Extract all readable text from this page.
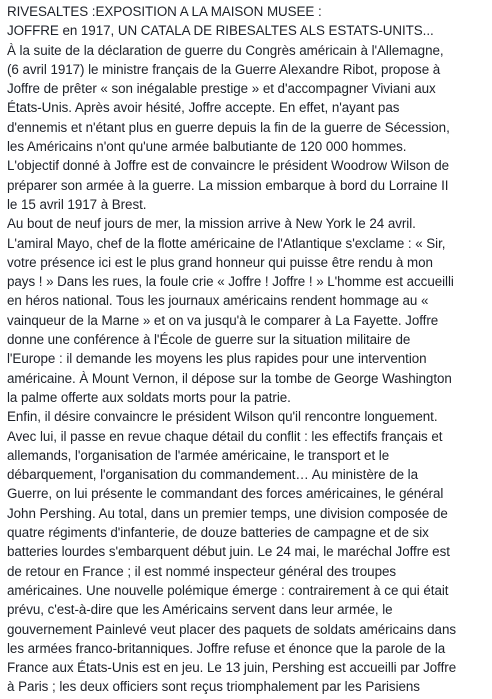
RIVESALTES :EXPOSITION A LA MAISON MUSEE :
JOFFRE en 1917, UN CATALA DE RIBESALTES ALS ESTATS-UNITS...
À la suite de la déclaration de guerre du Congrès américain à l'Allemagne,
(6 avril 1917) le ministre français de la Guerre Alexandre Ribot, propose à
Joffre de prêter « son inégalable prestige » et d'accompagner Viviani aux
États-Unis. Après avoir hésité, Joffre accepte. En effet, n'ayant pas
d'ennemis et n'étant plus en guerre depuis la fin de la guerre de Sécession,
les Américains n'ont qu'une armée balbutiante de 120 000 hommes.
L'objectif donné à Joffre est de convaincre le président Woodrow Wilson de
préparer son armée à la guerre. La mission embarque à bord du Lorraine II
le 15 avril 1917 à Brest.
Au bout de neuf jours de mer, la mission arrive à New York le 24 avril.
L'amiral Mayo, chef de la flotte américaine de l'Atlantique s'exclame : « Sir,
votre présence ici est le plus grand honneur qui puisse être rendu à mon
pays ! » Dans les rues, la foule crie « Joffre ! Joffre ! » L'homme est accueilli
en héros national. Tous les journaux américains rendent hommage au «
vainqueur de la Marne » et on va jusqu'à le comparer à La Fayette. Joffre
donne une conférence à l'École de guerre sur la situation militaire de
l'Europe : il demande les moyens les plus rapides pour une intervention
américaine. À Mount Vernon, il dépose sur la tombe de George Washington
la palme offerte aux soldats morts pour la patrie.
Enfin, il désire convaincre le président Wilson qu'il rencontre longuement.
Avec lui, il passe en revue chaque détail du conflit : les effectifs français et
allemands, l'organisation de l'armée américaine, le transport et le
débarquement, l'organisation du commandement… Au ministère de la
Guerre, on lui présente le commandant des forces américaines, le général
John Pershing. Au total, dans un premier temps, une division composée de
quatre régiments d'infanterie, de douze batteries de campagne et de six
batteries lourdes s'embarquent début juin. Le 24 mai, le maréchal Joffre est
de retour en France ; il est nommé inspecteur général des troupes
américaines. Une nouvelle polémique émerge : contrairement à ce qui était
prévu, c'est-à-dire que les Américains servent dans leur armée, le
gouvernement Painlevé veut placer des paquets de soldats américains dans
les armées franco-britanniques. Joffre refuse et énonce que la parole de la
France aux États-Unis est en jeu. Le 13 juin, Pershing est accueilli par Joffre
à Paris ; les deux officiers sont reçus triomphalement par les Parisiens
